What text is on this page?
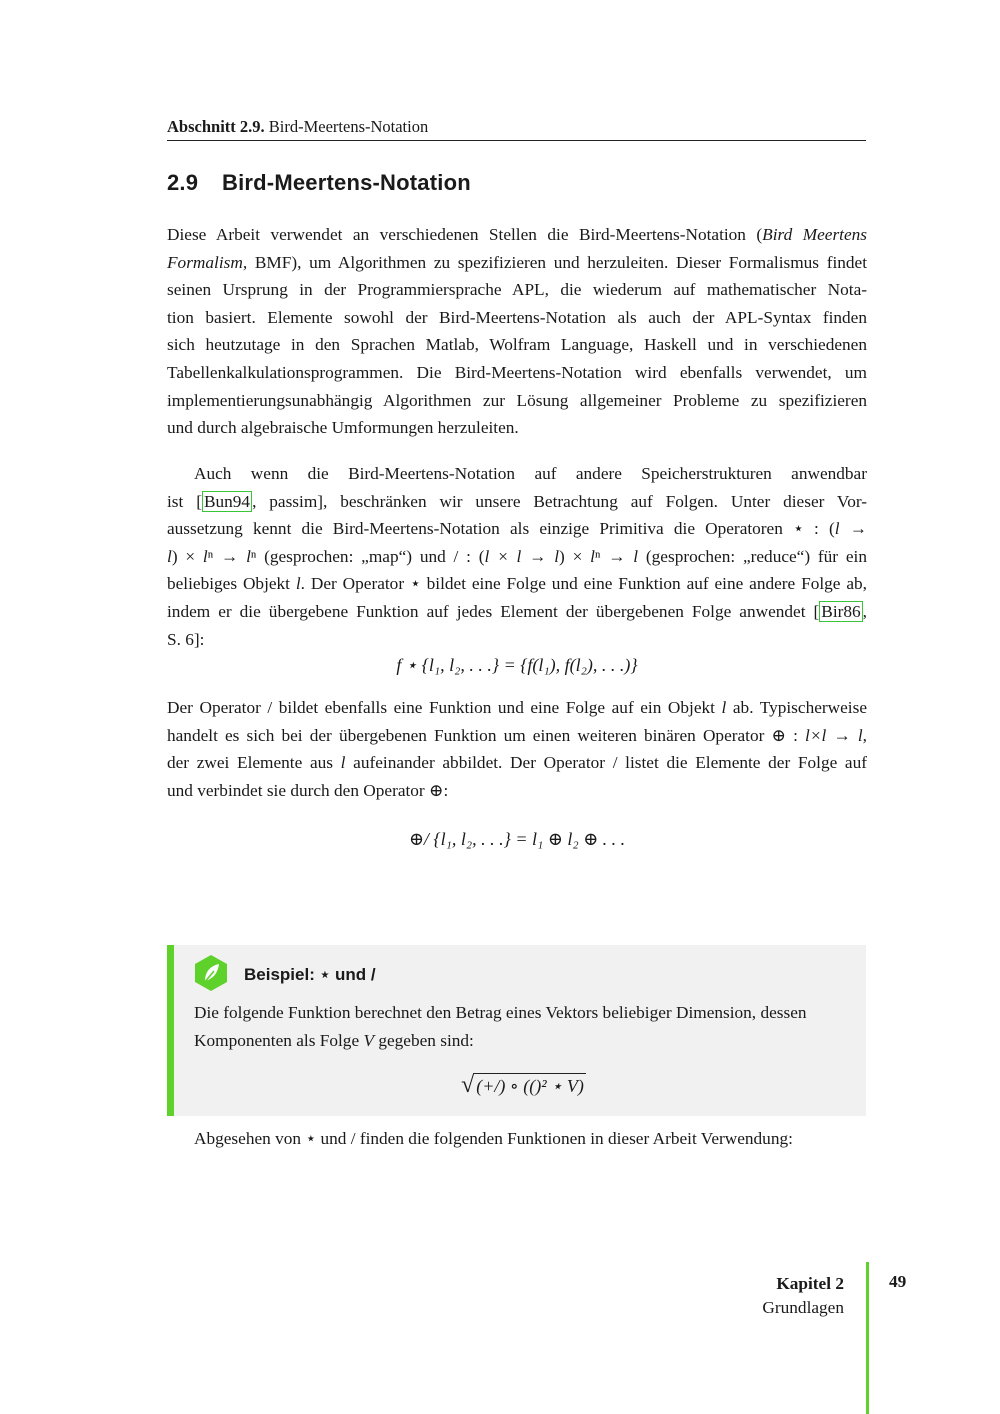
Abschnitt 2.9. Bird-Meertens-Notation
2.9 Bird-Meertens-Notation
Diese Arbeit verwendet an verschiedenen Stellen die Bird-Meertens-Notation (Bird Meertens
Formalism, BMF), um Algorithmen zu spezifizieren und herzuleiten. Dieser Formalismus findet
seinen Ursprung in der Programmiersprache APL, die wiederum auf mathematischer Nota-
tion basiert. Elemente sowohl der Bird-Meertens-Notation als auch der APL-Syntax finden
sich heutzutage in den Sprachen Matlab, Wolfram Language, Haskell und in verschiedenen
Tabellenkalkulationsprogrammen. Die Bird-Meertens-Notation wird ebenfalls verwendet, um
implementierungsunabhängig Algorithmen zur Lösung allgemeiner Probleme zu spezifizieren
und durch algebraische Umformungen herzuleiten.
Auch wenn die Bird-Meertens-Notation auf andere Speicherstrukturen anwendbar
ist [ Bun94 , passim], beschränken wir unsere Betrachtung auf Folgen. Unter dieser Vor-
aussetzung kennt die Bird-Meertens-Notation als einzige Primitiva die Operatoren ⋆ : (l →
l) × lⁿ → lⁿ (gesprochen: „map“) und / : (l × l → l) × lⁿ → l (gesprochen: „reduce“) für ein
beliebiges Objekt l. Der Operator ⋆ bildet eine Folge und eine Funktion auf eine andere Folge ab,
indem er die übergebene Funktion auf jedes Element der übergebenen Folge anwendet [ Bir86 ,
S. 6]:
f ⋆ {l₁, l₂, . . .} = {f(l₁), f(l₂), . . .)}
Der Operator / bildet ebenfalls eine Funktion und eine Folge auf ein Objekt l ab. Typischerweise
handelt es sich bei der übergebenen Funktion um einen weiteren binären Operator ⊕ : l×l → l,
der zwei Elemente aus l aufeinander abbildet. Der Operator / listet die Elemente der Folge auf
und verbindet sie durch den Operator ⊕:
⊕/ {l₁, l₂, . . .} = l₁ ⊕ l₂ ⊕ . . .
Beispiel: ⋆ und /
Die folgende Funktion berechnet den Betrag eines Vektors beliebiger Dimension, dessen Komponenten als Folge V gegeben sind:
√ (+/) ∘ (()² ⋆ V)
Abgesehen von ⋆ und / finden die folgenden Funktionen in dieser Arbeit Verwendung:
Kapitel 2
Grundlagen
49
